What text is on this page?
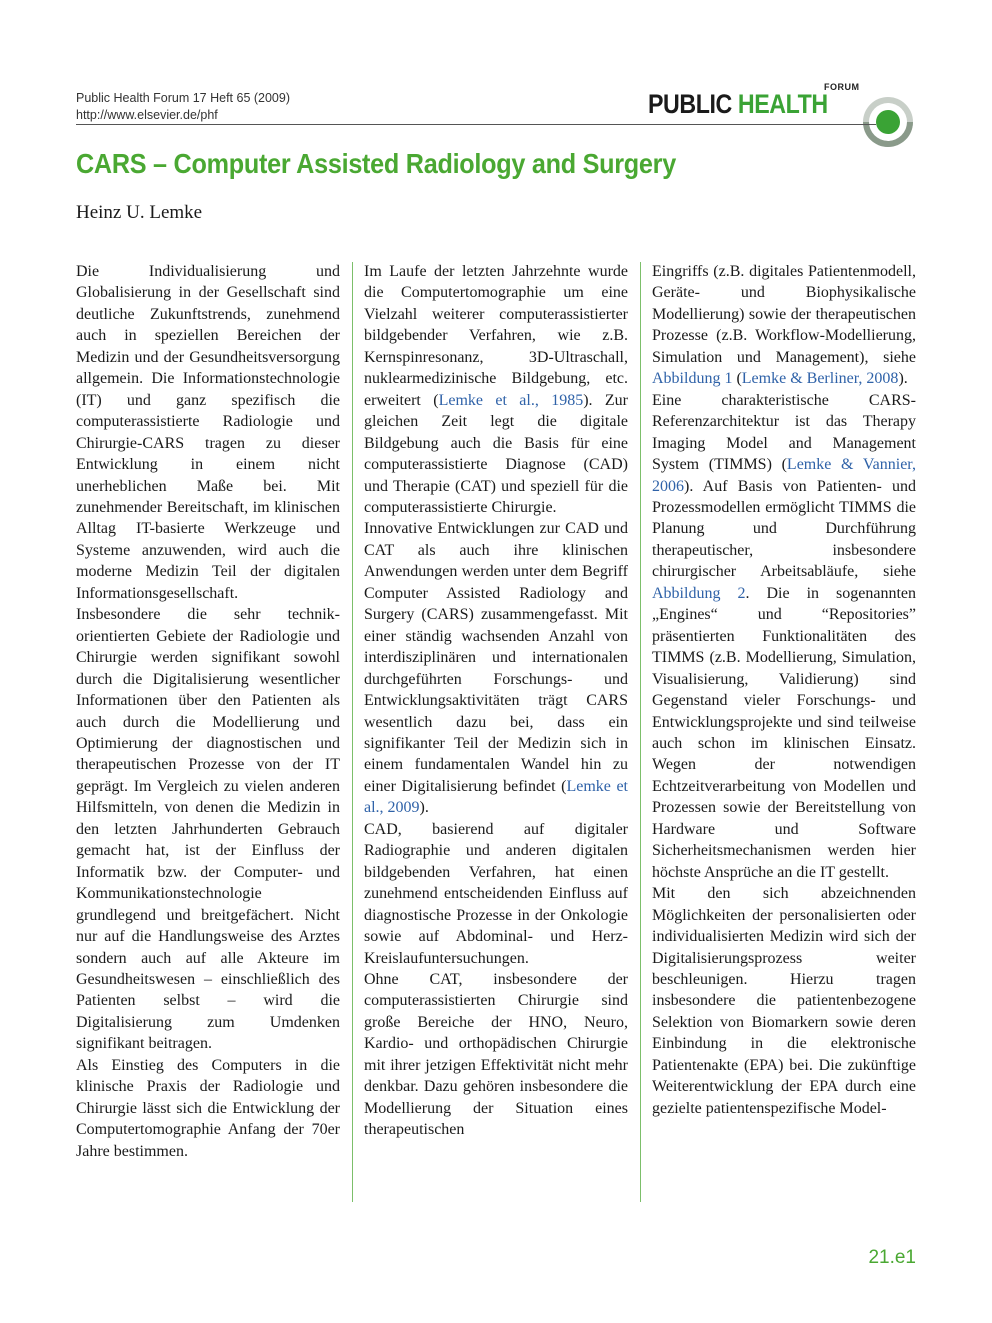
Public Health Forum 17 Heft 65 (2009)
http://www.elsevier.de/phf
FORUM
PUBLIC HEALTH
CARS – Computer Assisted Radiology and Surgery
Heinz U. Lemke

Die Individualisierung und Globalisierung in der Gesellschaft sind deutliche Zukunftstrends, zunehmend auch in speziellen Bereichen der Medizin und der Gesundheitsversorgung allgemein. Die Informationstechnologie (IT) und ganz spezifisch die computerassistierte Radiologie und Chirurgie-CARS tragen zu dieser Entwicklung in einem nicht unerheblichen Maße bei. Mit zunehmender Bereitschaft, im klinischen Alltag IT-basierte Werkzeuge und Systeme anzuwenden, wird auch die moderne Medizin Teil der digitalen Informationsgesellschaft.

Insbesondere die sehr technik-orientierten Gebiete der Radiologie und Chirurgie werden signifikant sowohl durch die Digitalisierung wesentlicher Informationen über den Patienten als auch durch die Modellierung und Optimierung der diagnostischen und therapeutischen Prozesse von der IT geprägt. Im Vergleich zu vielen anderen Hilfsmitteln, von denen die Medizin in den letzten Jahrhunderten Gebrauch gemacht hat, ist der Einfluss der Informatik bzw. der Computer- und Kommunikationstechnologie grundlegend und breitgefächert. Nicht nur auf die Handlungsweise des Arztes sondern auch auf alle Akteure im Gesundheitswesen – einschließlich des Patienten selbst – wird die Digitalisierung zum Umdenken signifikant beitragen.

Als Einstieg des Computers in die klinische Praxis der Radiologie und Chirurgie lässt sich die Entwicklung der Computertomographie Anfang der 70er Jahre bestimmen.

Im Laufe der letzten Jahrzehnte wurde die Computertomographie um eine Vielzahl weiterer computerassistierter bildgebender Verfahren, wie z.B. Kernspinresonanz, 3D-Ultraschall, nuklearmedizinische Bildgebung, etc. erweitert (Lemke et al., 1985). Zur gleichen Zeit legt die digitale Bildgebung auch die Basis für eine computerassistierte Diagnose (CAD) und Therapie (CAT) und speziell für die computerassistierte Chirurgie.

Innovative Entwicklungen zur CAD und CAT als auch ihre klinischen Anwendungen werden unter dem Begriff Computer Assisted Radiology and Surgery (CARS) zusammengefasst. Mit einer ständig wachsenden Anzahl von interdisziplinären und internationalen durchgeführten Forschungs- und Entwicklungsaktivitäten trägt CARS wesentlich dazu bei, dass ein signifikanter Teil der Medizin sich in einem fundamentalen Wandel hin zu einer Digitalisierung befindet (Lemke et al., 2009).

CAD, basierend auf digitaler Radiographie und anderen digitalen bildgebenden Verfahren, hat einen zunehmend entscheidenden Einfluss auf diagnostische Prozesse in der Onkologie sowie auf Abdominal- und Herz-Kreislaufuntersuchungen.

Ohne CAT, insbesondere der computerassistierten Chirurgie sind große Bereiche der HNO, Neuro, Kardio- und orthopädischen Chirurgie mit ihrer jetzigen Effektivität nicht mehr denkbar. Dazu gehören insbesondere die Modellierung der Situation eines therapeutischen

Eingriffs (z.B. digitales Patientenmodell, Geräte- und Biophysikalische Modellierung) sowie der therapeutischen Prozesse (z.B. Workflow-Modellierung, Simulation und Management), siehe Abbildung 1 (Lemke & Berliner, 2008).

Eine charakteristische CARS-Referenzarchitektur ist das Therapy Imaging Model and Management System (TIMMS) (Lemke & Vannier, 2006). Auf Basis von Patienten- und Prozessmodellen ermöglicht TIMMS die Planung und Durchführung therapeutischer, insbesondere chirurgischer Arbeitsabläufe, siehe Abbildung 2. Die in sogenannten „Engines“ und “Repositories” präsentierten Funktionalitäten des TIMMS (z.B. Modellierung, Simulation, Visualisierung, Validierung) sind Gegenstand vieler Forschungs- und Entwicklungsprojekte und sind teilweise auch schon im klinischen Einsatz. Wegen der notwendigen Echtzeitverarbeitung von Modellen und Prozessen sowie der Bereitstellung von Hardware und Software Sicherheitsmechanismen werden hier höchste Ansprüche an die IT gestellt.

Mit den sich abzeichnenden Möglichkeiten der personalisierten oder individualisierten Medizin wird sich der Digitalisierungsprozess weiter beschleunigen. Hierzu tragen insbesondere die patientenbezogene Selektion von Biomarkern sowie deren Einbindung in die elektronische Patientenakte (EPA) bei. Die zukünftige Weiterentwicklung der EPA durch eine gezielte patientenspezifische Model-

21.e1
